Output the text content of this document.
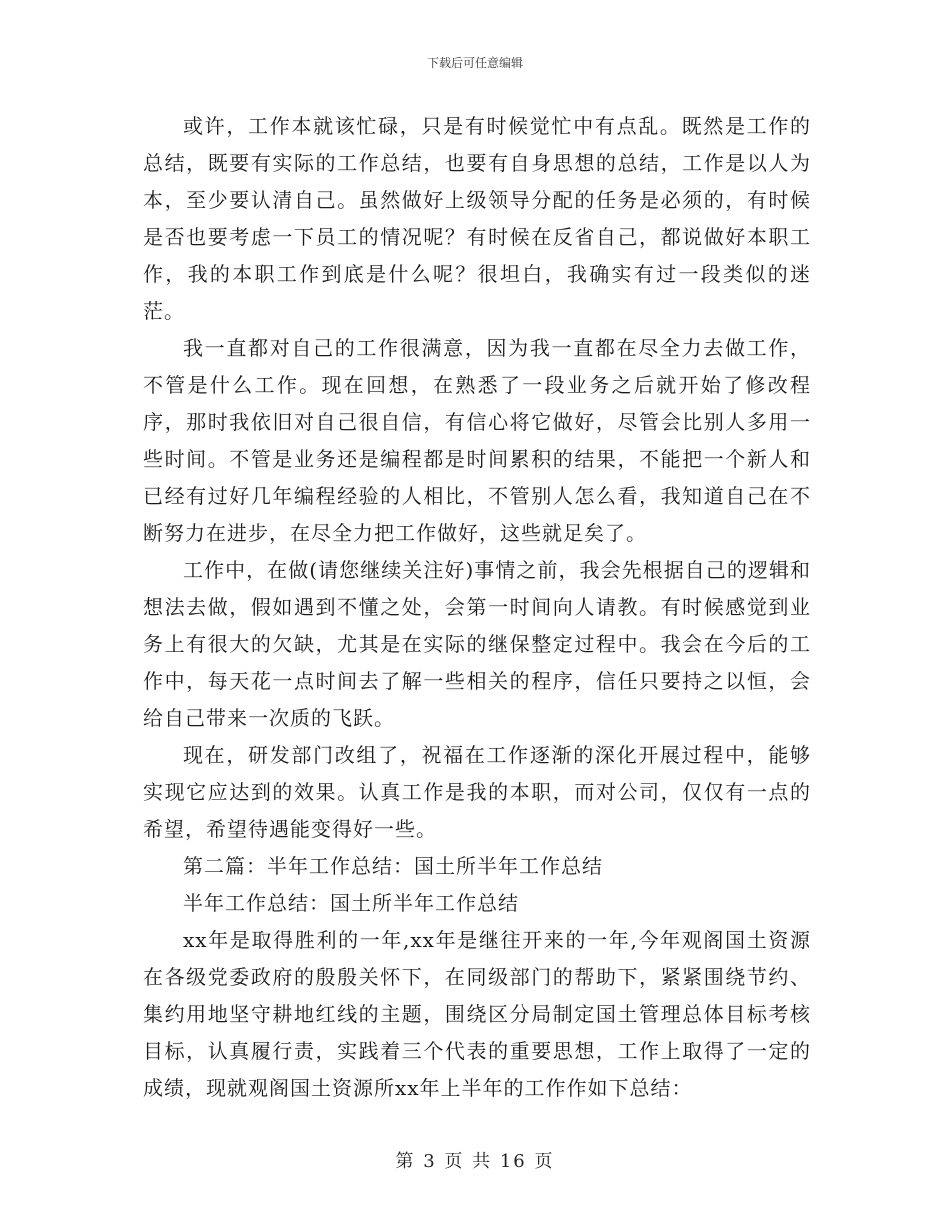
下载后可任意编辑

或许，工作本就该忙碌，只是有时候觉忙中有点乱。既然是工作的总结，既要有实际的工作总结，也要有自身思想的总结，工作是以人为本，至少要认清自己。虽然做好上级领导分配的任务是必须的，有时候是否也要考虑一下员工的情况呢？有时候在反省自己，都说做好本职工作，我的本职工作到底是什么呢？很坦白，我确实有过一段类似的迷茫。

我一直都对自己的工作很满意，因为我一直都在尽全力去做工作，不管是什么工作。现在回想，在熟悉了一段业务之后就开始了修改程序，那时我依旧对自己很自信，有信心将它做好，尽管会比别人多用一些时间。不管是业务还是编程都是时间累积的结果，不能把一个新人和已经有过好几年编程经验的人相比，不管别人怎么看，我知道自己在不断努力在进步，在尽全力把工作做好，这些就足矣了。

工作中，在做(请您继续关注好)事情之前，我会先根据自己的逻辑和想法去做，假如遇到不懂之处，会第一时间向人请教。有时候感觉到业务上有很大的欠缺，尤其是在实际的继保整定过程中。我会在今后的工作中，每天花一点时间去了解一些相关的程序，信任只要持之以恒，会给自己带来一次质的飞跃。

现在，研发部门改组了，祝福在工作逐渐的深化开展过程中，能够实现它应达到的效果。认真工作是我的本职，而对公司，仅仅有一点的希望，希望待遇能变得好一些。

第二篇：半年工作总结：国土所半年工作总结

半年工作总结：国土所半年工作总结

xx年是取得胜利的一年,xx年是继往开来的一年,今年观阁国土资源在各级党委政府的殷殷关怀下，在同级部门的帮助下，紧紧围绕节约、集约用地坚守耕地红线的主题，围绕区分局制定国土管理总体目标考核目标，认真履行责，实践着三个代表的重要思想，工作上取得了一定的成绩，现就观阁国土资源所xx年上半年的工作作如下总结：

第 3 页 共 16 页
